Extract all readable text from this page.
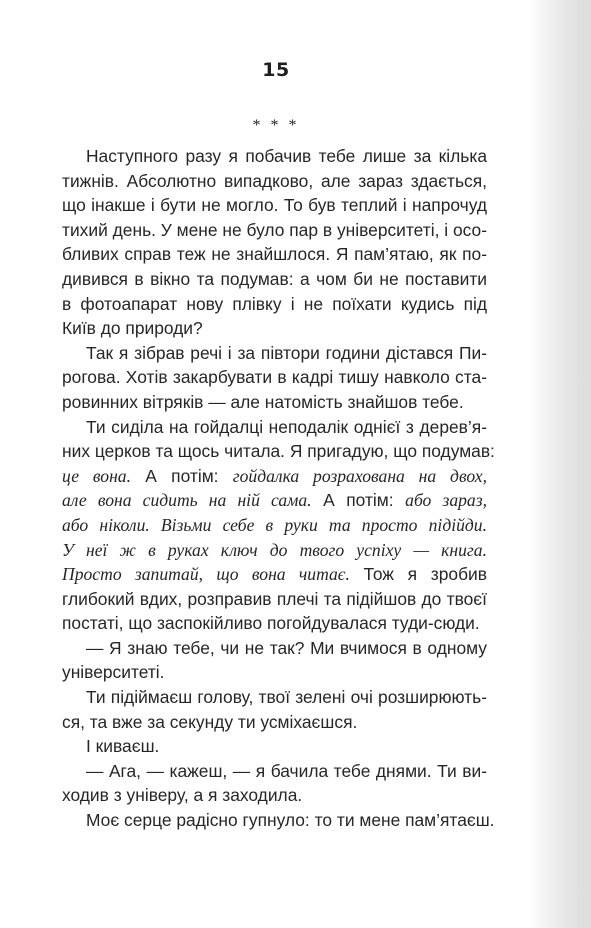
15
* * *

Наступного разу я побачив тебе лише за кілька
тижнів. Абсолютно випадково, але зараз здається,
що інакше і бути не могло. То був теплий і напрочуд
тихий день. У мене не було пар в університеті, і осо-
бливих справ теж не знайшлося. Я пам’ятаю, як по-
дивився в вікно та подумав: а чом би не поставити
в фотоапарат нову плівку і не поїхати кудись під
Київ до природи?

Так я зібрав речі і за півтори години дістався Пи-
рогова. Хотів закарбувати в кадрі тишу навколо ста-
ровинних вітряків — але натомість знайшов тебе.

Ти сиділа на гойдалці неподалік однієї з дерев’я-
них церков та щось читала. Я пригадую, що подумав:
це вона. А потім: гойдалка розрахована на двох,
але вона сидить на ній сама. А потім: або зараз,
або ніколи. Візьми себе в руки та просто підійди.
У неї ж в руках ключ до твого успіху — книга.
Просто запитай, що вона читає. Тож я зробив
глибокий вдих, розправив плечі та підійшов до твоєї
постаті, що заспокійливо погойдувалася туди-сюди.

— Я знаю тебе, чи не так? Ми вчимося в одному
університеті.

Ти підіймаєш голову, твої зелені очі розширюють-
ся, та вже за секунду ти усміхаєшся.

І киваєш.

— Ага, — кажеш, — я бачила тебе днями. Ти ви-
ходив з універу, а я заходила.

Моє серце радісно гупнуло: то ти мене пам’ятаєш.
